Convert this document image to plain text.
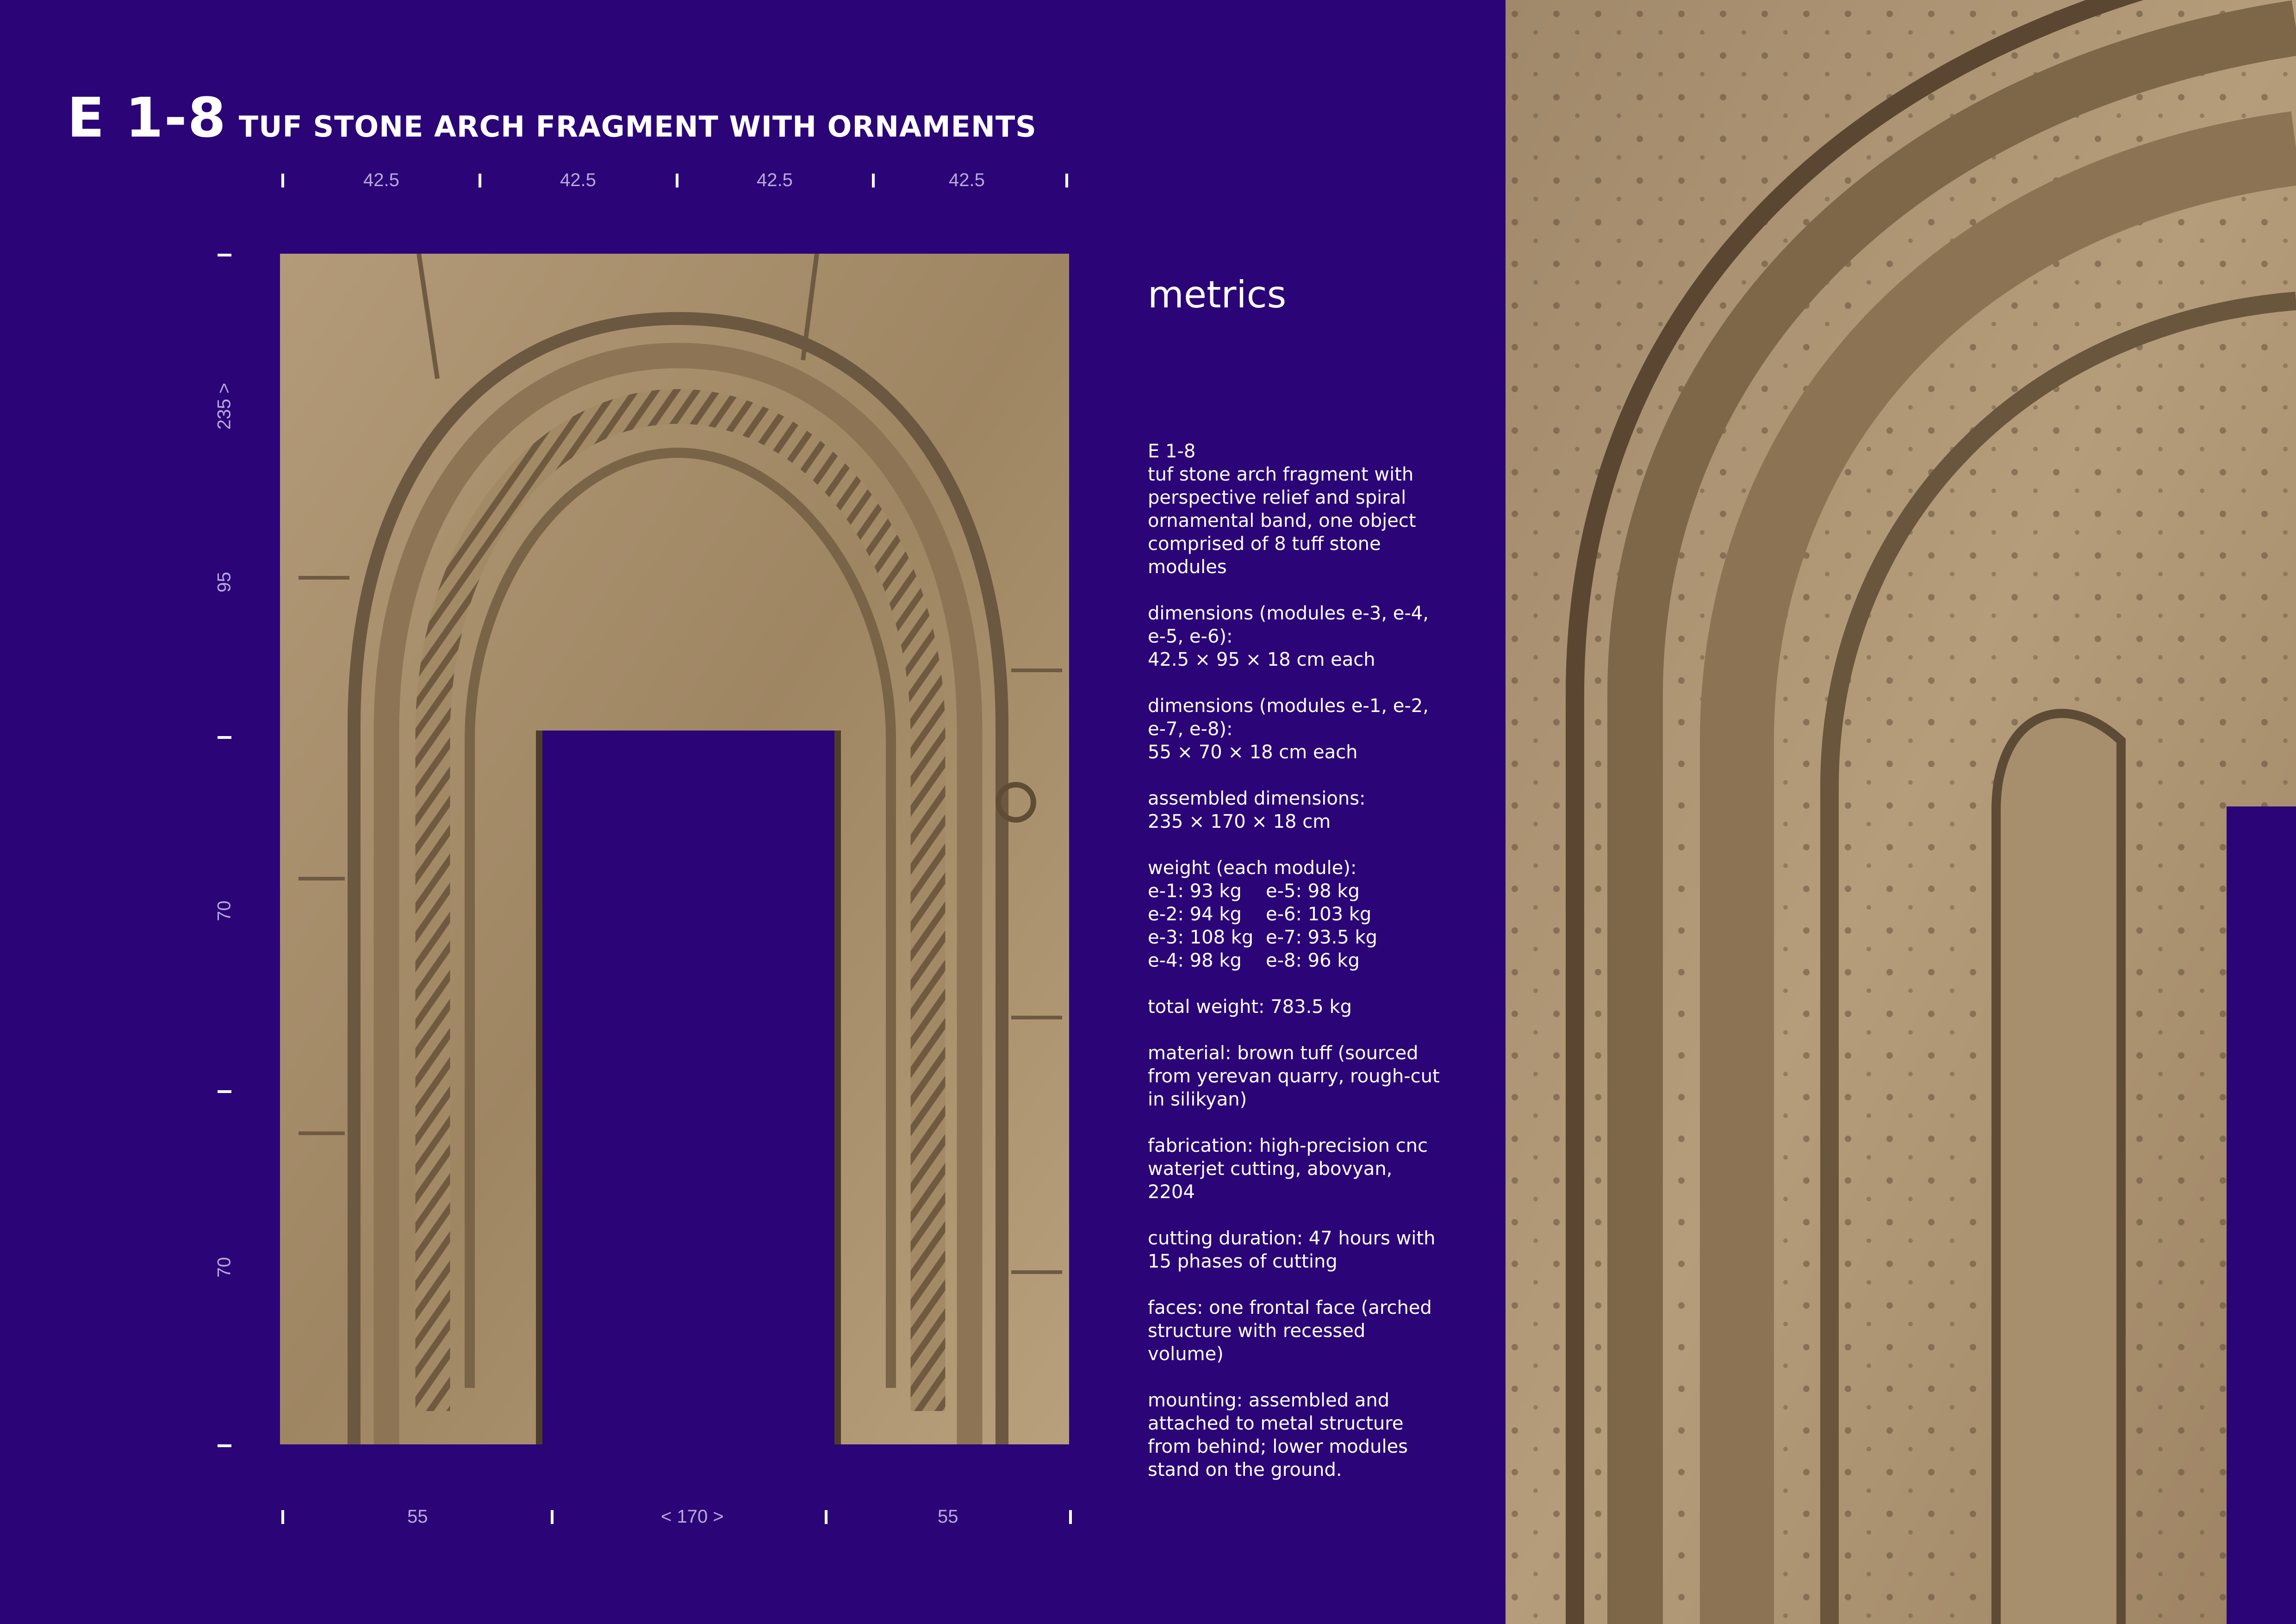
E 1-8 TUF STONE ARCH FRAGMENT WITH ORNAMENTS
42.5	42.5	42.5	42.5
235 >
95
70
70
55	< 170 >	55
metrics

E 1-8
tuf stone arch fragment with perspective relief and spiral ornamental band, one object comprised of 8 tuff stone modules

dimensions (modules e-3, e-4, e-5, e-6):
42.5 × 95 × 18 cm each

dimensions (modules e-1, e-2, e-7, e-8):
55 × 70 × 18 cm each

assembled dimensions:
235 × 170 × 18 cm

weight (each module):

e-1: 93 kg	e-5: 98 kg
e-2: 94 kg	e-6: 103 kg
e-3: 108 kg e-7: 93.5 kg
e-4: 98 kg	e-8: 96 kg

total weight: 783.5 kg

material: brown tuff (sourced from yerevan quarry, rough-cut in silikyan)

fabrication: high-precision cnc waterjet cutting, abovyan, 2204

cutting duration: 47 hours with 15 phases of cutting

faces: one frontal face (arched structure with recessed volume)

mounting: assembled and attached to metal structure from behind; lower modules stand on the ground.
